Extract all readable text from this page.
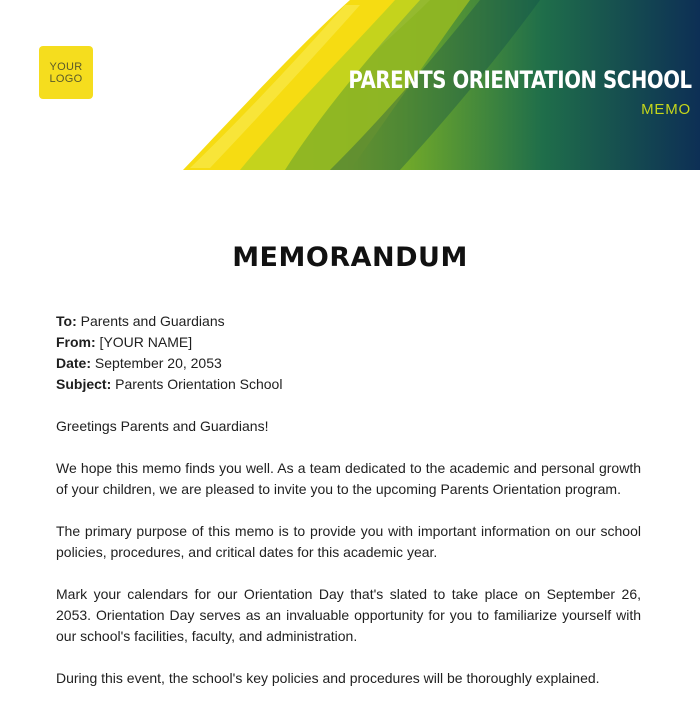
YOUR
LOGO	PARENTS ORIENTATION SCHOOL
MEMO
MEMORANDUM
To: Parents and Guardians
From: [YOUR NAME]
Date: September 20, 2053
Subject: Parents Orientation School

Greetings Parents and Guardians!

We hope this memo finds you well. As a team dedicated to the academic and personal growth of your children, we are pleased to invite you to the upcoming Parents Orientation program.

The primary purpose of this memo is to provide you with important information on our school policies, procedures, and critical dates for this academic year.

Mark your calendars for our Orientation Day that's slated to take place on September 26, 2053. Orientation Day serves as an invaluable opportunity for you to familiarize yourself with our school's facilities, faculty, and administration.

During this event, the school's key policies and procedures will be thoroughly explained.
